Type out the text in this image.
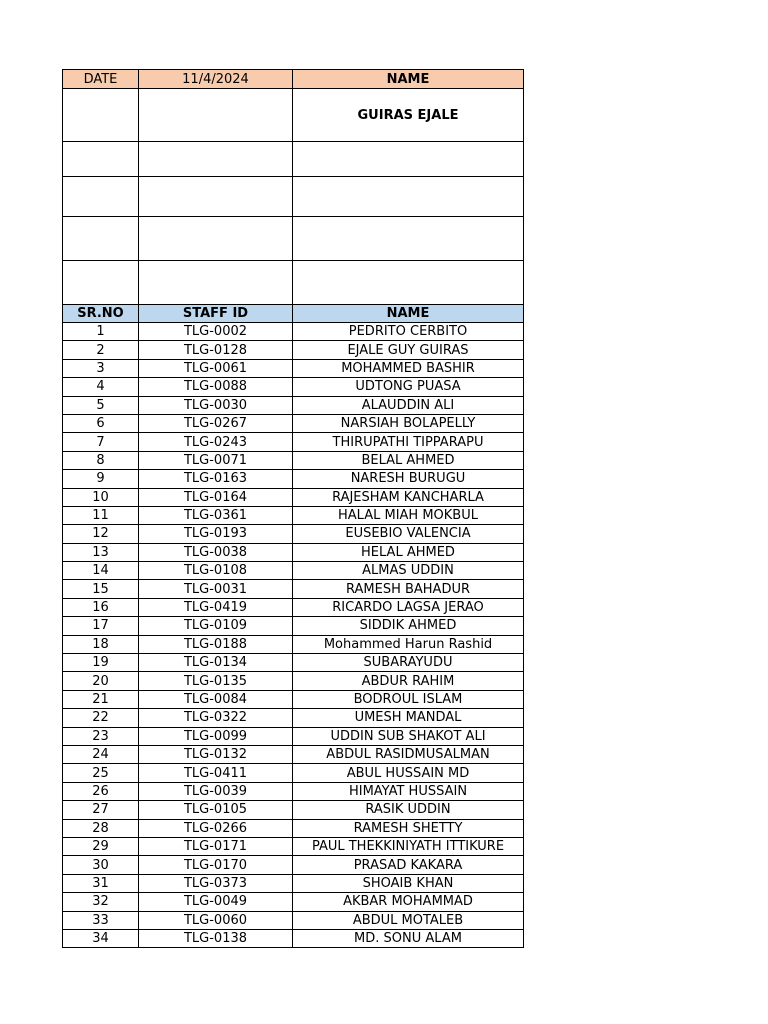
DATE	11/4/2024	NAME
		GUIRAS EJALE

SR.NO	STAFF ID	NAME
1	TLG-0002	PEDRITO CERBITO
2	TLG-0128	EJALE GUY GUIRAS
3	TLG-0061	MOHAMMED BASHIR
4	TLG-0088	UDTONG PUASA
5	TLG-0030	ALAUDDIN ALI
6	TLG-0267	NARSIAH BOLAPELLY
7	TLG-0243	THIRUPATHI TIPPARAPU
8	TLG-0071	BELAL AHMED
9	TLG-0163	NARESH BURUGU
10	TLG-0164	RAJESHAM KANCHARLA
11	TLG-0361	HALAL MIAH MOKBUL
12	TLG-0193	EUSEBIO VALENCIA
13	TLG-0038	HELAL AHMED
14	TLG-0108	ALMAS UDDIN
15	TLG-0031	RAMESH BAHADUR
16	TLG-0419	RICARDO LAGSA JERAO
17	TLG-0109	SIDDIK AHMED
18	TLG-0188	Mohammed Harun Rashid
19	TLG-0134	SUBARAYUDU
20	TLG-0135	ABDUR RAHIM
21	TLG-0084	BODROUL ISLAM
22	TLG-0322	UMESH MANDAL
23	TLG-0099	UDDIN SUB SHAKOT ALI
24	TLG-0132	ABDUL RASIDMUSALMAN
25	TLG-0411	ABUL HUSSAIN MD
26	TLG-0039	HIMAYAT HUSSAIN
27	TLG-0105	RASIK UDDIN
28	TLG-0266	RAMESH SHETTY
29	TLG-0171	PAUL THEKKINIYATH ITTIKURE
30	TLG-0170	PRASAD KAKARA
31	TLG-0373	SHOAIB KHAN
32	TLG-0049	AKBAR MOHAMMAD
33	TLG-0060	ABDUL MOTALEB
34	TLG-0138	MD. SONU ALAM
